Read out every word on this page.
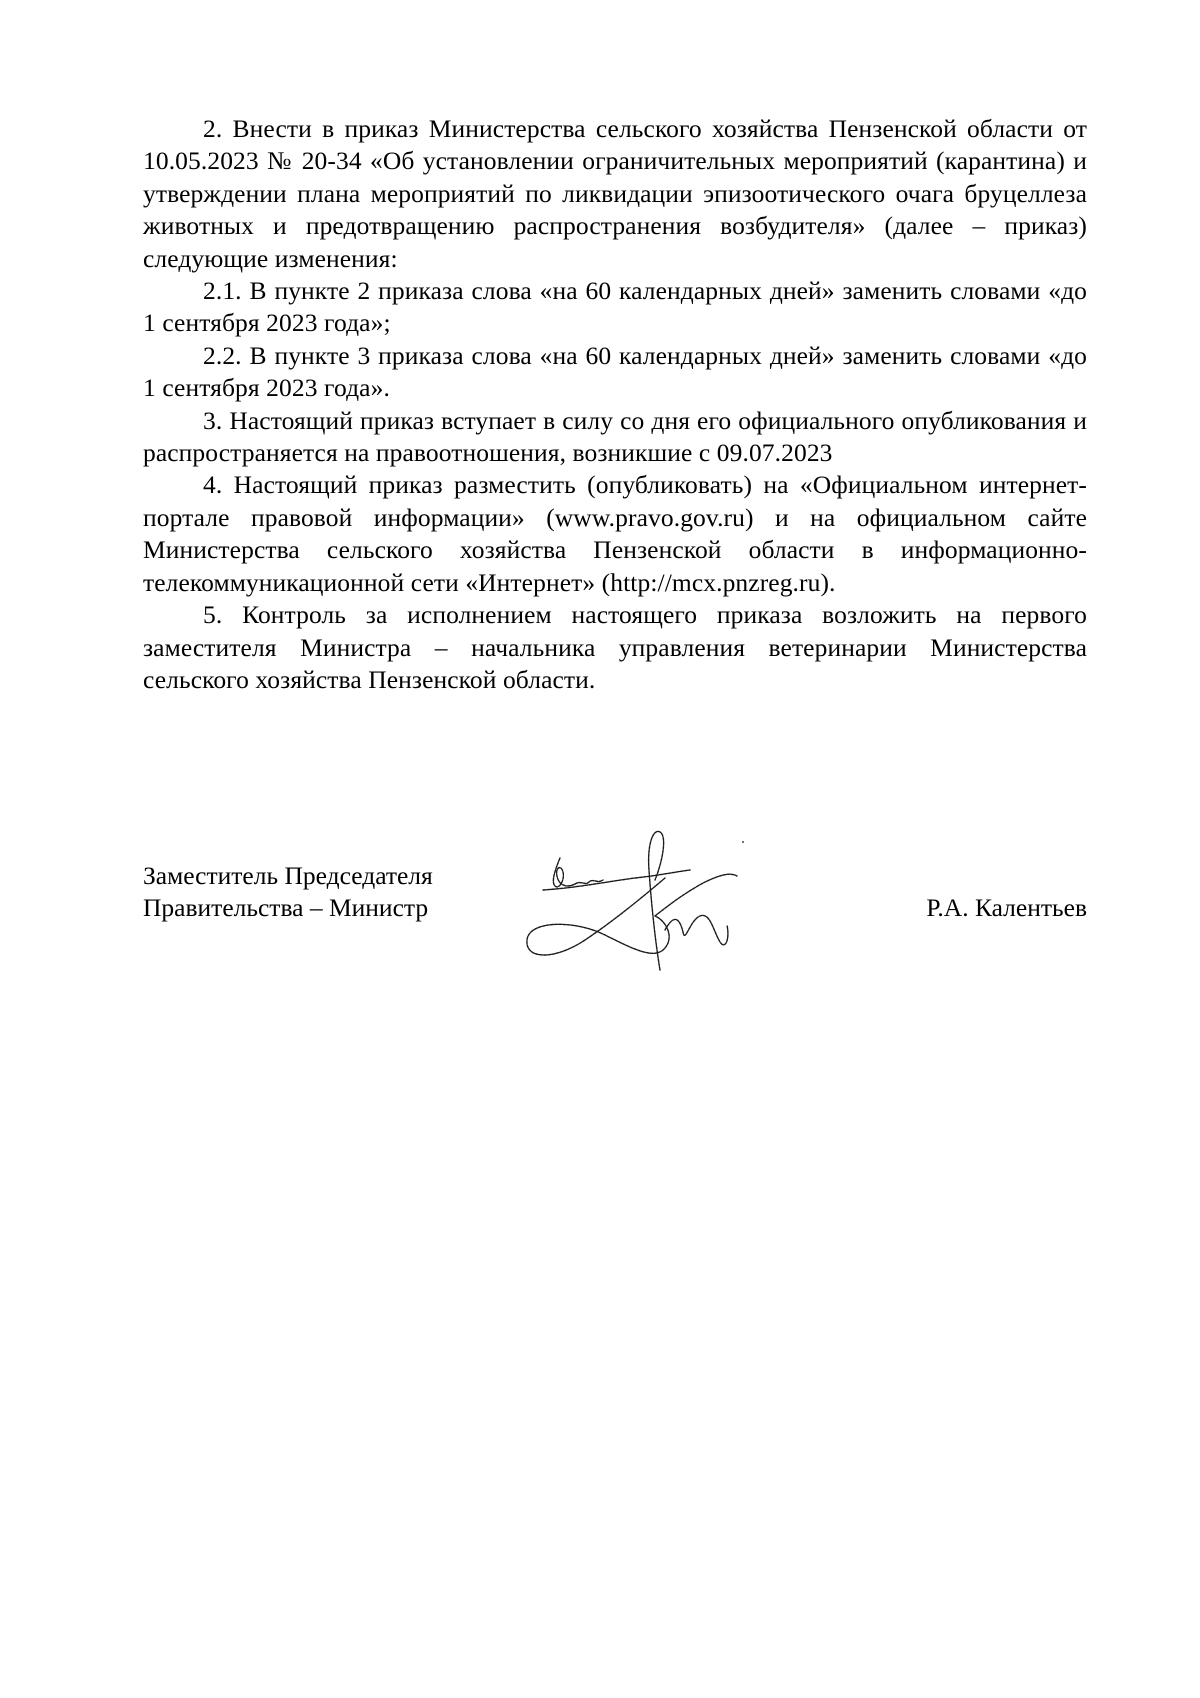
2. Внести в приказ Министерства сельского хозяйства Пензенской области от 10.05.2023 № 20-34 «Об установлении ограничительных мероприятий (карантина) и утверждении плана мероприятий по ликвидации эпизоотического очага бруцеллеза животных и предотвращению распространения возбудителя» (далее – приказ) следующие изменения:

2.1. В пункте 2 приказа слова «на 60 календарных дней» заменить словами «до 1 сентября 2023 года»;

2.2. В пункте 3 приказа слова «на 60 календарных дней» заменить словами «до 1 сентября 2023 года».

3. Настоящий приказ вступает в силу со дня его официального опубликования и распространяется на правоотношения, возникшие с 09.07.2023

4. Настоящий приказ разместить (опубликовать) на «Официальном интернет-портале правовой информации» (www.pravo.gov.ru) и на официальном сайте Министерства сельского хозяйства Пензенской области в информационно-телекоммуникационной сети «Интернет» (http://mcx.pnzreg.ru).

5. Контроль за исполнением настоящего приказа возложить на первого заместителя Министра – начальника управления ветеринарии Министерства сельского хозяйства Пензенской области.

Заместитель Председателя
Правительства – Министр	Р.А. Калентьев
